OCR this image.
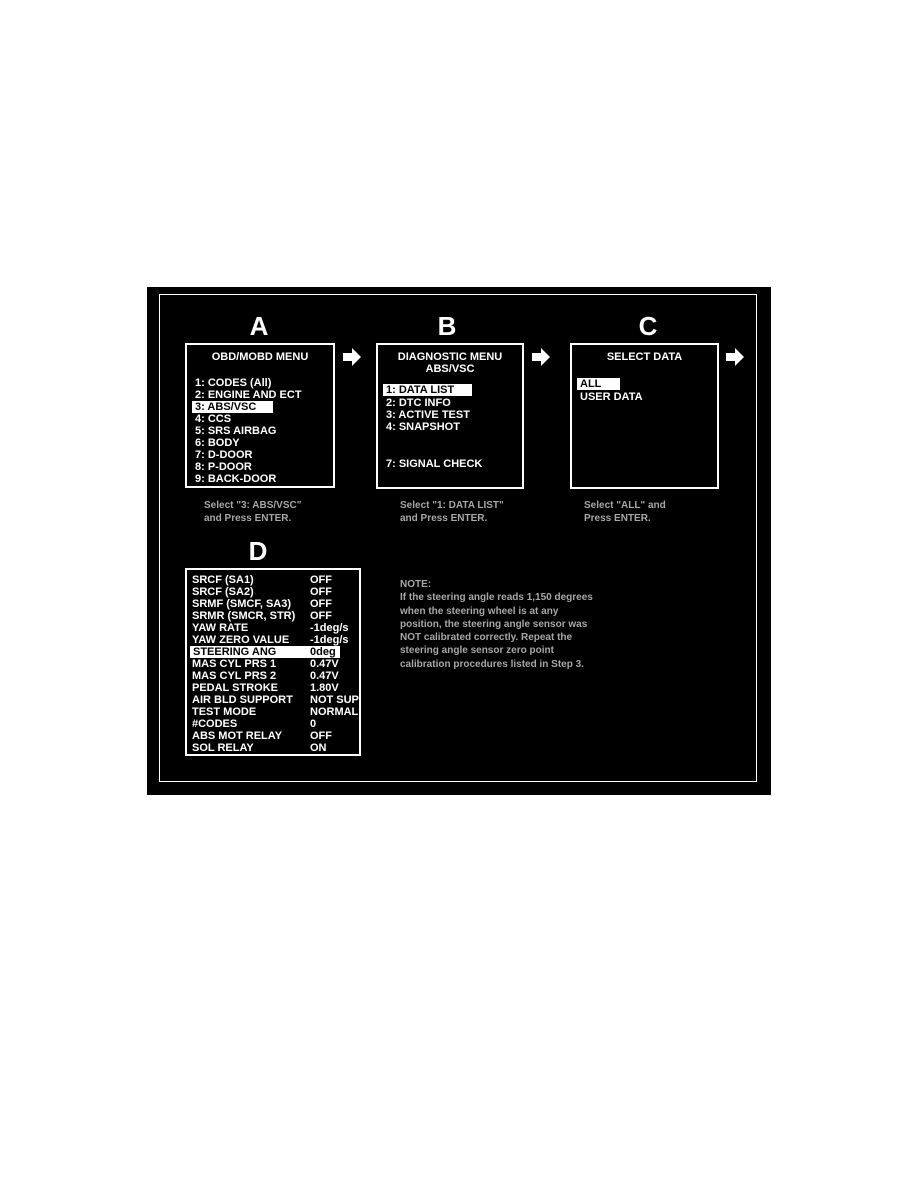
A
OBD/MOBD MENU
1: CODES (All)
2: ENGINE AND ECT
3: ABS/VSC
4: CCS
5: SRS AIRBAG
6: BODY
7: D-DOOR
8: P-DOOR
9: BACK-DOOR
Select "3: ABS/VSC"
and Press ENTER.
B
DIAGNOSTIC MENU
ABS/VSC
1: DATA LIST
2: DTC INFO
3: ACTIVE TEST
4: SNAPSHOT
7: SIGNAL CHECK
Select "1: DATA LIST"
and Press ENTER.
C
SELECT DATA
ALL
USER DATA
Select "ALL" and
Press ENTER.
D
SRCF (SA1)	OFF
SRCF (SA2)	OFF
SRMF (SMCF, SA3) OFF
SRMR (SMCR, STR) OFF
YAW RATE	-1deg/s
YAW ZERO VALUE -1deg/s
STEERING ANG	0deg
MAS CYL PRS 1	0.47V
MAS CYL PRS 2	0.47V
PEDAL STROKE	1.80V
AIR BLD SUPPORT NOT SUP
TEST MODE	NORMAL
#CODES	0
ABS MOT RELAY	OFF
SOL RELAY	ON
NOTE:
If the steering angle reads 1,150 degrees
when the steering wheel is at any
position, the steering angle sensor was
NOT calibrated correctly. Repeat the
steering angle sensor zero point
calibration procedures listed in Step 3.
